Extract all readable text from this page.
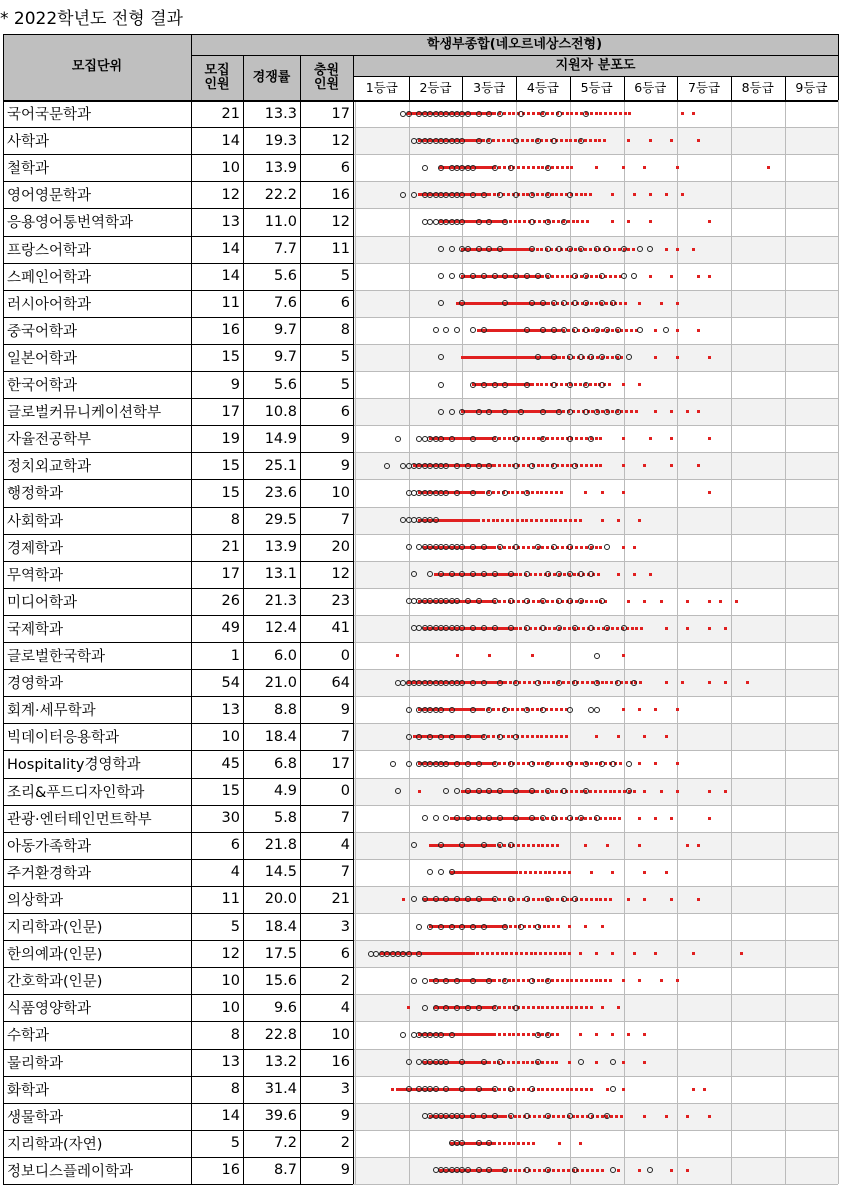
* 2022학년도 전형 결과
모집단위
학생부종합(네오르네상스전형)
모집
인원	경쟁률	충원
인원
지원자 분포도
1등급	2등급	3등급	4등급	5등급	6등급	7등급	8등급	9등급
국어국문학과	21	13.3	17
사학과	14	19.3	12
철학과	10	13.9	6
영어영문학과	12	22.2	16
응용영어통번역학과	13	11.0	12
프랑스어학과	14	7.7	11
스페인어학과	14	5.6	5
러시아어학과	11	7.6	6
중국어학과	16	9.7	8
일본어학과	15	9.7	5
한국어학과	9	5.6	5
글로벌커뮤니케이션학부	17	10.8	6
자율전공학부	19	14.9	9
정치외교학과	15	25.1	9
행정학과	15	23.6	10
사회학과	8	29.5	7
경제학과	21	13.9	20
무역학과	17	13.1	12
미디어학과	26	21.3	23
국제학과	49	12.4	41
글로벌한국학과	1	6.0	0
경영학과	54	21.0	64
회계·세무학과	13	8.8	9
빅데이터응용학과	10	18.4	7
Hospitality경영학과	45	6.8	17
조리&푸드디자인학과	15	4.9	0
관광·엔터테인먼트학부	30	5.8	7
아동가족학과	6	21.8	4
주거환경학과	4	14.5	7
의상학과	11	20.0	21
지리학과(인문)	5	18.4	3
한의예과(인문)	12	17.5	6
간호학과(인문)	10	15.6	2
식품영양학과	10	9.6	4
수학과	8	22.8	10
물리학과	13	13.2	16
화학과	8	31.4	3
생물학과	14	39.6	9
지리학과(자연)	5	7.2	2
정보디스플레이학과	16	8.7	9
